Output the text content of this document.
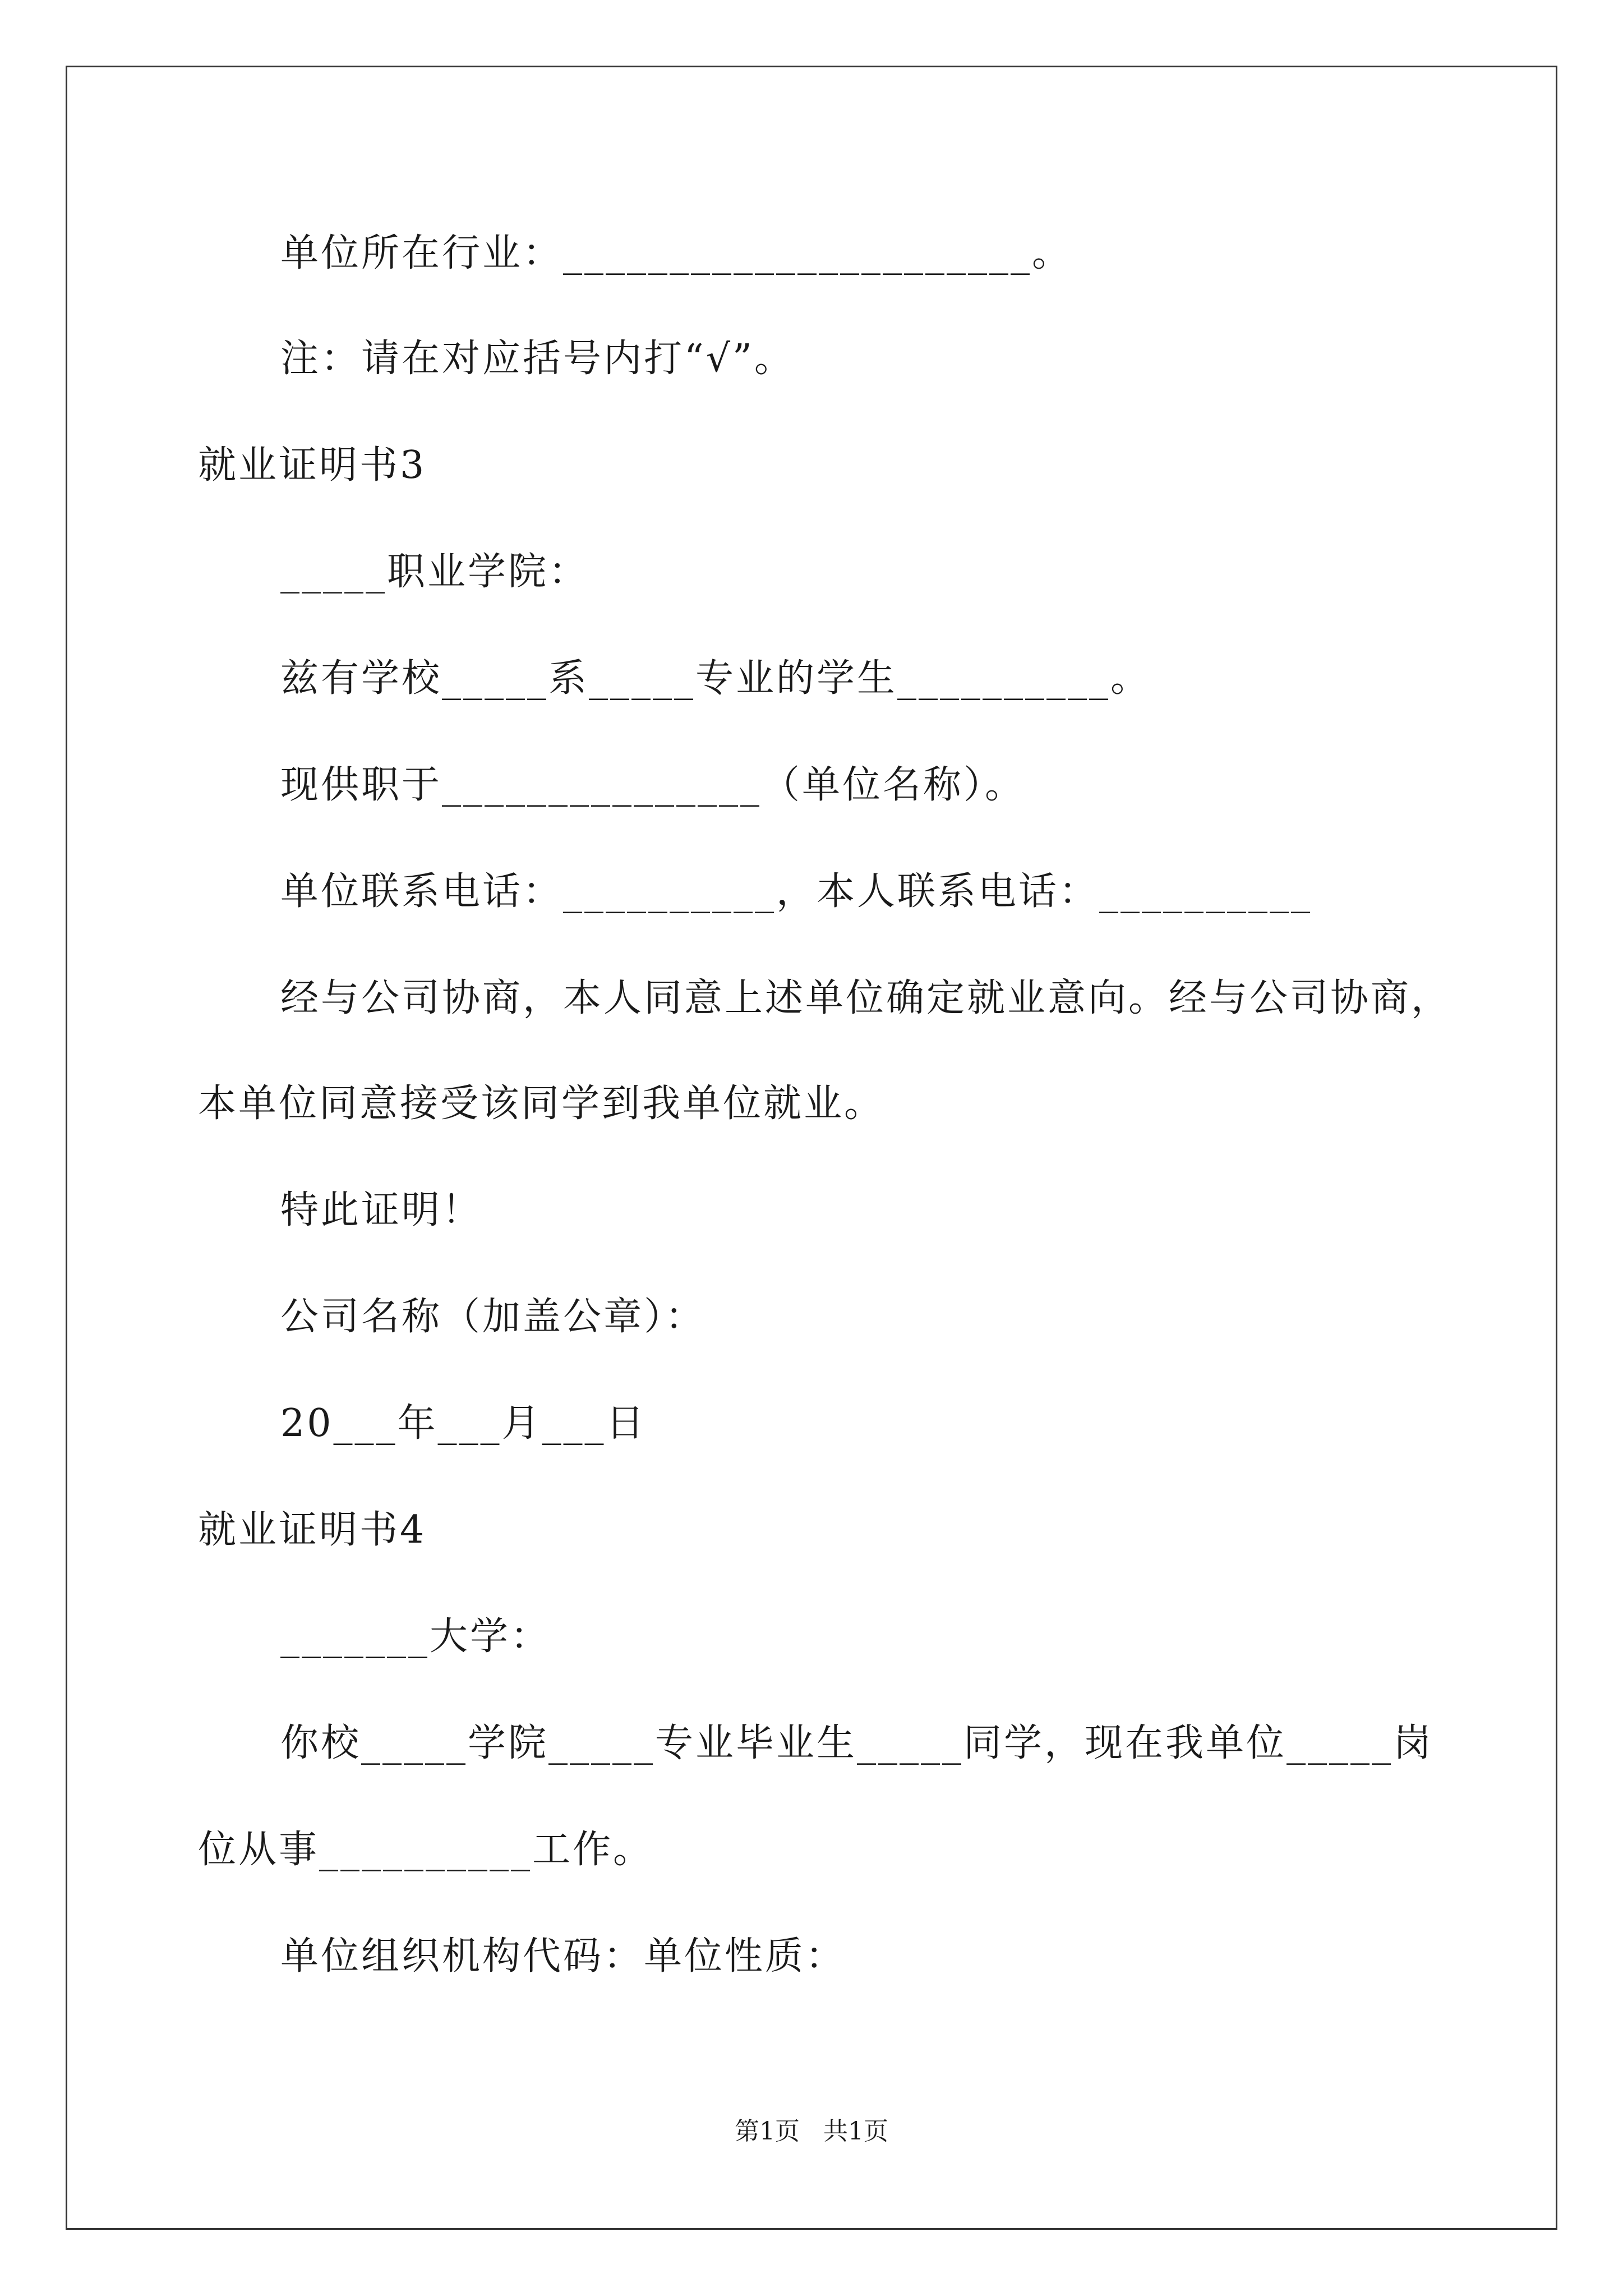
单位所在行业：______________________。
注：请在对应括号内打“√”。
就业证明书3
_____职业学院：
兹有学校_____系_____专业的学生__________。
现供职于_______________（单位名称）。
单位联系电话：__________，本人联系电话：__________
经与公司协商，本人同意上述单位确定就业意向。经与公司协商，
本单位同意接受该同学到我单位就业。
特此证明！
公司名称（加盖公章）：
20___年___月___日
就业证明书4
_______大学：
你校_____学院_____专业毕业生_____同学，现在我单位_____岗
位从事__________工作。
单位组织机构代码：单位性质：
第1页   共1页
